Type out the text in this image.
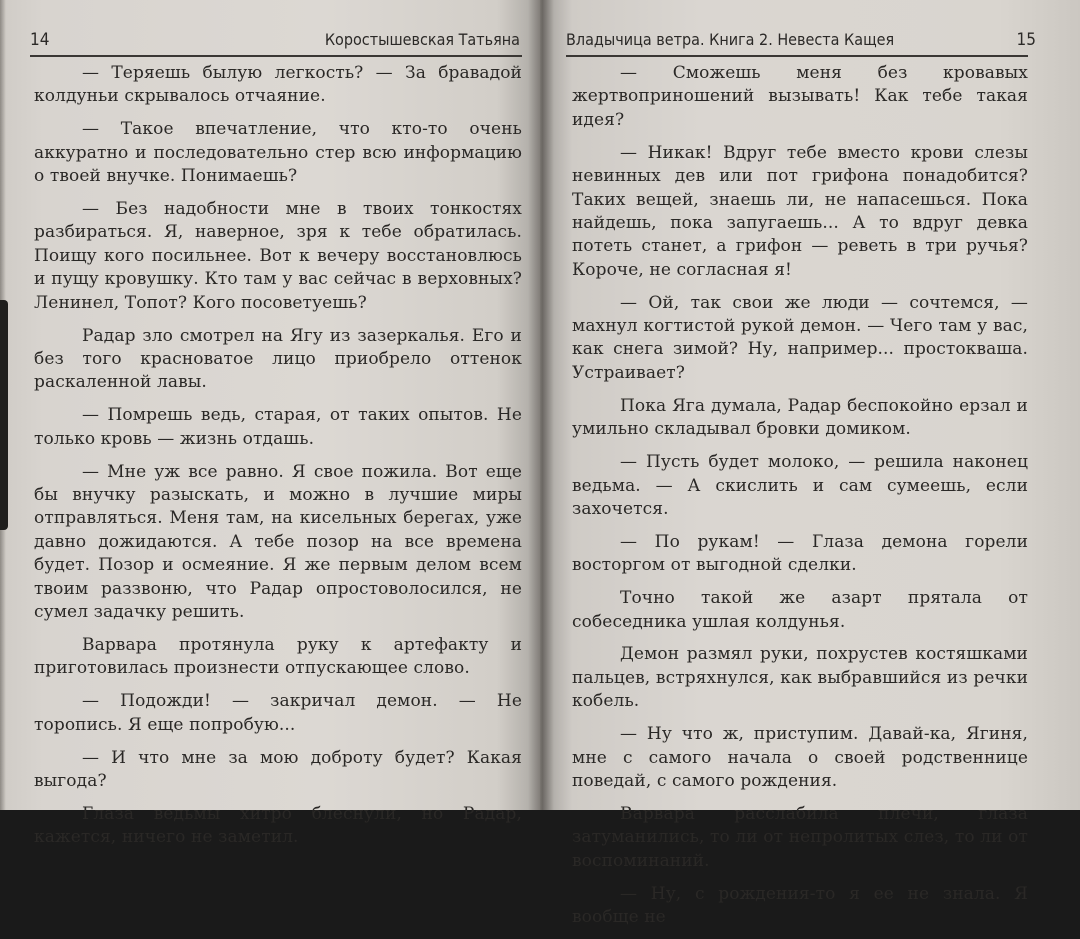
14	Коростышевская Татьяна

— Теряешь былую легкость? — За бравадой колдуньи скрывалось отчаяние.

— Такое впечатление, что кто-то очень аккуратно и последовательно стер всю информацию о твоей внучке. Понимаешь?

— Без надобности мне в твоих тонкостях разбираться. Я, наверное, зря к тебе обратилась. Поищу кого посильнее. Вот к вечеру восстановлюсь и пущу кровушку. Кто там у вас сейчас в верховных? Ленинел, Топот? Кого посоветуешь?

Радар зло смотрел на Ягу из зазеркалья. Его и без того красноватое лицо приобрело оттенок раскаленной лавы.

— Помрешь ведь, старая, от таких опытов. Не только кровь — жизнь отдашь.

— Мне уж все равно. Я свое пожила. Вот еще бы внучку разыскать, и можно в лучшие миры отправляться. Меня там, на кисельных берегах, уже давно дожидаются. А тебе позор на все времена будет. Позор и осмеяние. Я же первым делом всем твоим раззвоню, что Радар опростоволосился, не сумел задачку решить.

Варвара протянула руку к артефакту и приготовилась произнести отпускающее слово.

— Подожди! — закричал демон. — Не торопись. Я еще попробую...

— И что мне за мою доброту будет? Какая выгода?

Глаза ведьмы хитро блеснули, но Радар, кажется, ничего не заметил.

Владычица ветра. Книга 2. Невеста Кащея	15

— Сможешь меня без кровавых жертвоприношений вызывать! Как тебе такая идея?

— Никак! Вдруг тебе вместо крови слезы невинных дев или пот грифона понадобится? Таких вещей, знаешь ли, не напасешься. Пока найдешь, пока запугаешь... А то вдруг девка потеть станет, а грифон — реветь в три ручья? Короче, не согласная я!

— Ой, так свои же люди — сочтемся, — махнул когтистой рукой демон. — Чего там у вас, как снега зимой? Ну, например... простокваша. Устраивает?

Пока Яга думала, Радар беспокойно ерзал и умильно складывал бровки домиком.

— Пусть будет молоко, — решила наконец ведьма. — А скислить и сам сумеешь, если захочется.

— По рукам! — Глаза демона горели восторгом от выгодной сделки.

Точно такой же азарт прятала от собеседника ушлая колдунья.

Демон размял руки, похрустев костяшками пальцев, встряхнулся, как выбравшийся из речки кобель.

— Ну что ж, приступим. Давай-ка, Ягиня, мне с самого начала о своей родственнице поведай, с самого рождения.

Варвара расслабила плечи, глаза затуманились, то ли от непролитых слез, то ли от воспоминаний.

— Ну, с рождения-то я ее не знала. Я вообще не
